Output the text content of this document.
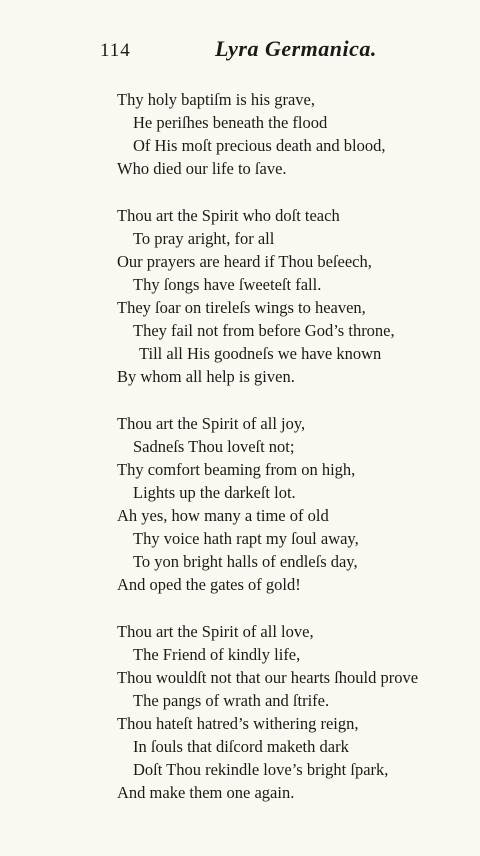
114	Lyra Germanica.
Thy holy baptiſm is his grave,
He periſhes beneath the flood
Of His moſt precious death and blood,
Who died our life to ſave.
Thou art the Spirit who doſt teach
To pray aright, for all
Our prayers are heard if Thou beſeech,
Thy ſongs have ſweeteſt fall.
They ſoar on tireleſs wings to heaven,
They fail not from before God’s throne,
Till all His goodneſs we have known
By whom all help is given.
Thou art the Spirit of all joy,
Sadneſs Thou loveſt not;
Thy comfort beaming from on high,
Lights up the darkeſt lot.
Ah yes, how many a time of old
Thy voice hath rapt my ſoul away,
To yon bright halls of endleſs day,
And oped the gates of gold!
Thou art the Spirit of all love,
The Friend of kindly life,
Thou wouldſt not that our hearts ſhould prove
The pangs of wrath and ſtrife.
Thou hateſt hatred’s withering reign,
In ſouls that diſcord maketh dark
Doſt Thou rekindle love’s bright ſpark,
And make them one again.
